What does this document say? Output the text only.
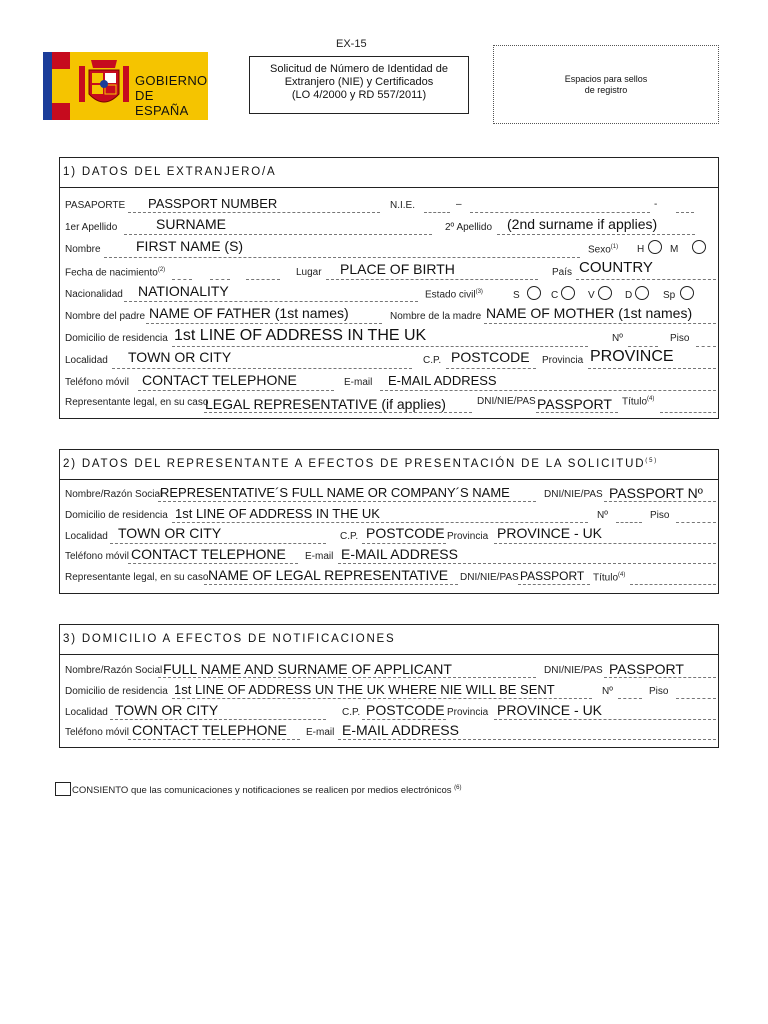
EX-15
GOBIERNO
DE ESPAÑA
Solicitud de Número de Identidad de
Extranjero (NIE) y Certificados
(LO 4/2000 y RD 557/2011)
Espacios para sellos
de registro
1) DATOS DEL EXTRANJERO/A
PASAPORTE PASSPORT NUMBER	N.I.E.	–	-
1er Apellido	SURNAME	2º Apellido (2nd surname if applies)
Nombre	FIRST NAME (S)	Sexo$^{(1)}$ H	M
Fecha de nacimiento$^{(2)}$	Lugar PLACE OF BIRTH	País COUNTRY
Nacionalidad NATIONALITY	Estado civil$^{(3)}$	S	C	V	D	Sp
Nombre del padre NAME OF FATHER (1st names)	Nombre de la madre NAME OF MOTHER (1st names)
Domicilio de residencia 1st LINE OF ADDRESS IN THE UK	Nº	Piso
Localidad TOWN OR CITY	C.P. POSTCODE Provincia PROVINCE
Teléfono móvil CONTACT TELEPHONE	E-mail E-MAIL ADDRESS
Representante legal, en su caso
LEGAL REPRESENTATIVE (if applies)	DNI/NIE/PAS PASSPORT Título$^{(4)}$
2) DATOS DEL REPRESENTANTE A EFECTOS DE PRESENTACIÓN DE LA SOLICITUD$^{(5)}$
Nombre/Razón Social
REPRESENTATIVE´S FULL NAME OR COMPANY´S NAME	DNI/NIE/PAS PASSPORT Nº
Domicilio de residencia 1st LINE OF ADDRESS IN THE UK	Nº	Piso
Localidad TOWN OR CITY	C.P. POSTCODE Provincia PROVINCE - UK
Teléfono móvil CONTACT TELEPHONE E-mail E-MAIL ADDRESS
Representante legal, en su caso NAME OF LEGAL REPRESENTATIVE DNI/NIE/PAS PASSPORT Título$^{(4)}$
3) DOMICILIO A EFECTOS DE NOTIFICACIONES
Nombre/Razón Social FULL NAME AND SURNAME OF APPLICANT	DNI/NIE/PAS PASSPORT
Domicilio de residencia 1st LINE OF ADDRESS UN THE UK WHERE NIE WILL BE SENT	Nº	Piso
Localidad TOWN OR CITY	C.P. POSTCODE Provincia PROVINCE - UK
Teléfono móvil CONTACT TELEPHONE E-mail E-MAIL ADDRESS
CONSIENTO que las comunicaciones y notificaciones se realicen por medios electrónicos $^{(6)}$
